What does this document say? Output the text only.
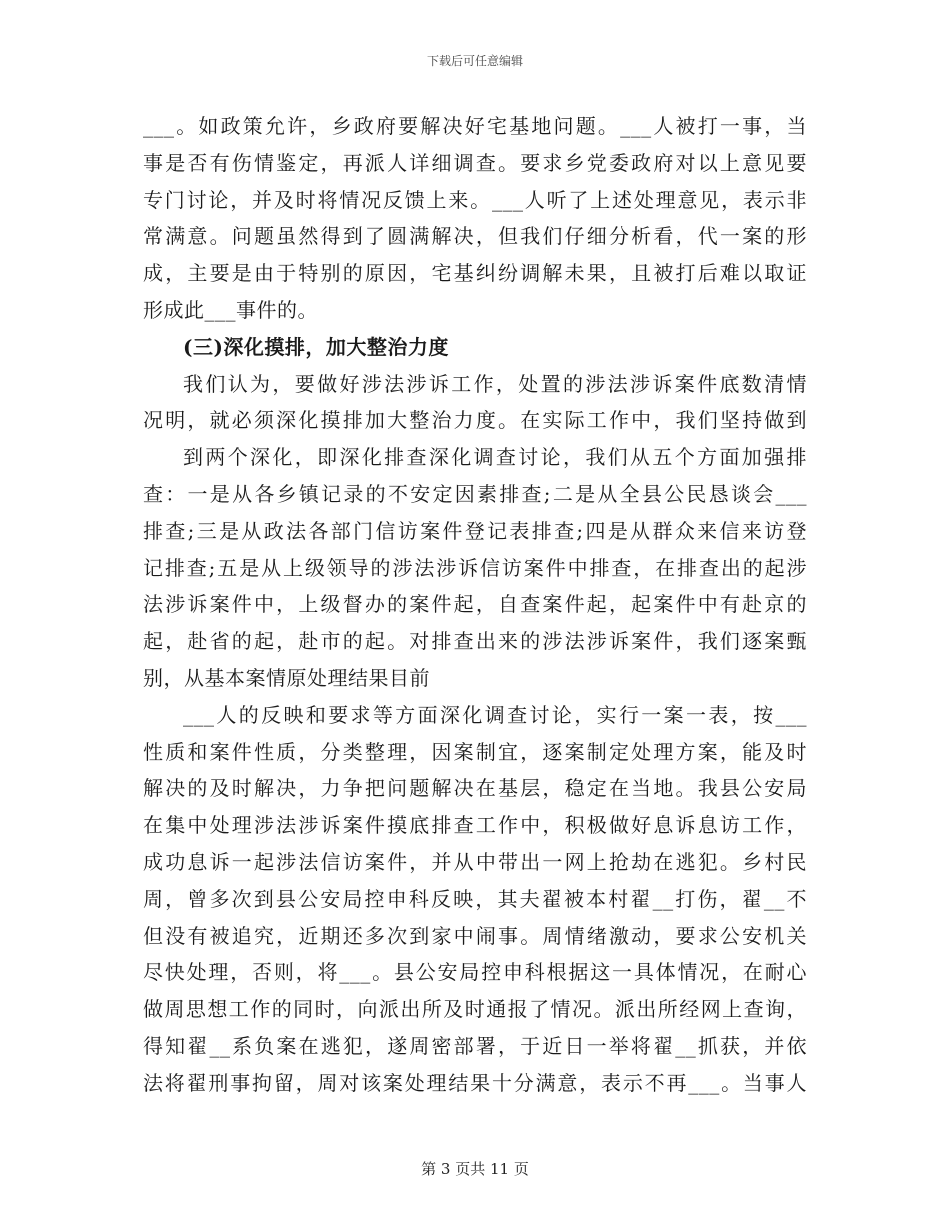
下载后可任意编辑
___。如政策允许，乡政府要解决好宅基地问题。___人被打一事，当
事是否有伤情鉴定，再派人详细调查。要求乡党委政府对以上意见要
专门讨论，并及时将情况反馈上来。___人听了上述处理意见，表示非
常满意。问题虽然得到了圆满解决，但我们仔细分析看，代一案的形
成，主要是由于特别的原因，宅基纠纷调解未果，且被打后难以取证
形成此___事件的。
(三)深化摸排，加大整治力度
我们认为，要做好涉法涉诉工作，处置的涉法涉诉案件底数清情
况明，就必须深化摸排加大整治力度。在实际工作中，我们坚持做到
到两个深化，即深化排查深化调查讨论，我们从五个方面加强排
查：一是从各乡镇记录的不安定因素排查;二是从全县公民恳谈会___
排查;三是从政法各部门信访案件登记表排查;四是从群众来信来访登
记排查;五是从上级领导的涉法涉诉信访案件中排查，在排查出的起涉
法涉诉案件中，上级督办的案件起，自查案件起，起案件中有赴京的
起，赴省的起，赴市的起。对排查出来的涉法涉诉案件，我们逐案甄
别，从基本案情原处理结果目前
___人的反映和要求等方面深化调查讨论，实行一案一表，按___
性质和案件性质，分类整理，因案制宜，逐案制定处理方案，能及时
解决的及时解决，力争把问题解决在基层，稳定在当地。我县公安局
在集中处理涉法涉诉案件摸底排查工作中，积极做好息诉息访工作，
成功息诉一起涉法信访案件，并从中带出一网上抢劫在逃犯。乡村民
周，曾多次到县公安局控申科反映，其夫翟被本村翟__打伤，翟__不
但没有被追究，近期还多次到家中闹事。周情绪激动，要求公安机关
尽快处理，否则，将___。县公安局控申科根据这一具体情况，在耐心
做周思想工作的同时，向派出所及时通报了情况。派出所经网上查询，
得知翟__系负案在逃犯，遂周密部署，于近日一举将翟__抓获，并依
法将翟刑事拘留，周对该案处理结果十分满意，表示不再___。当事人
第 3 页共 11 页
